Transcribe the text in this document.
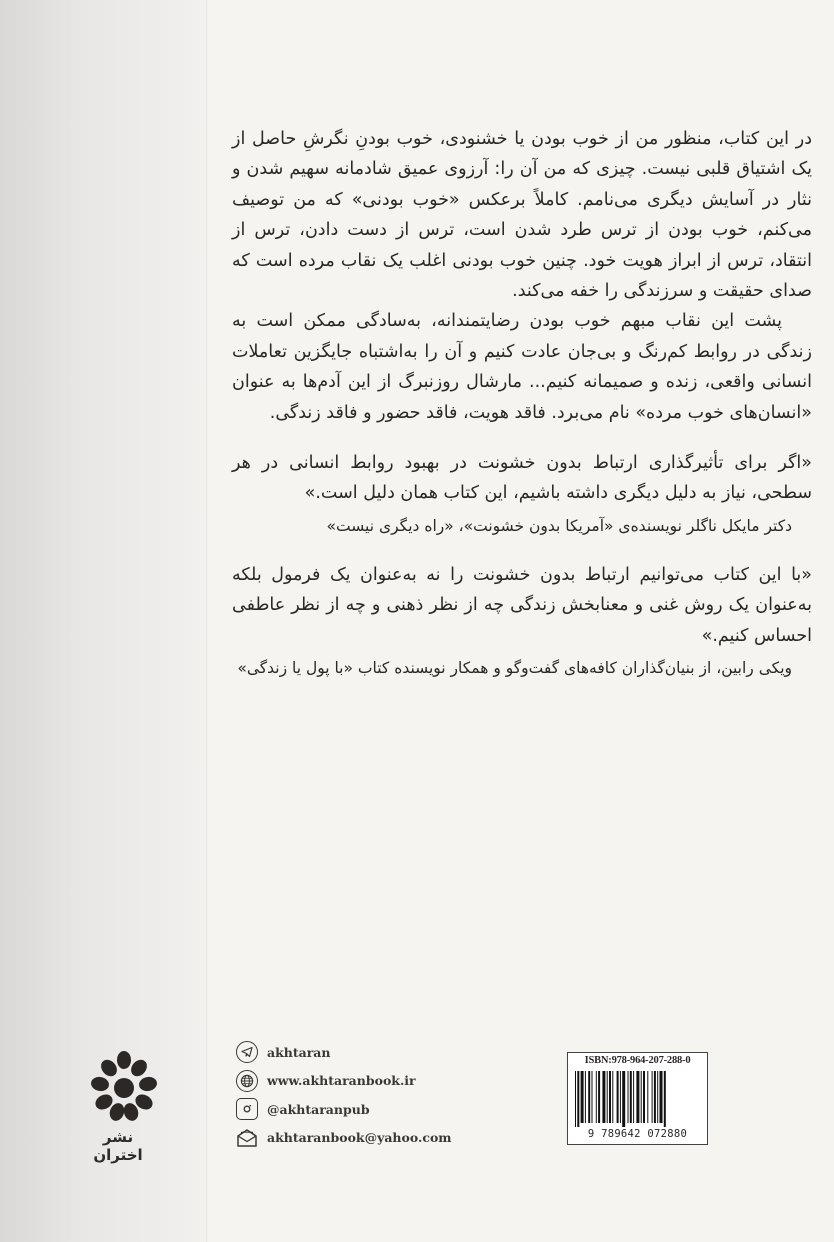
در این کتاب، منظور من از خوب بودن یا خشنودی، خوب بودنِ نگرشِ حاصل از یک اشتیاق قلبی نیست. چیزی که من آن را: آرزوی عمیق شادمانه سهیم شدن و نثار در آسایش دیگری می‌نامم. کاملاً برعکس «خوب بودنی» که من توصیف می‌کنم، خوب بودن از ترس طرد شدن است، ترس از دست دادن، ترس از انتقاد، ترس از ابراز هویت خود. چنین خوب بودنی اغلب یک نقاب مرده است که صدای حقیقت و سرزندگی را خفه می‌کند.

پشت این نقاب مبهم خوب بودن رضایتمندانه، به‌سادگی ممکن است به زندگی در روابط کم‌رنگ و بی‌جان عادت کنیم و آن را به‌اشتباه جایگزین تعاملات انسانی واقعی، زنده و صمیمانه کنیم... مارشال روزنبرگ از این آدم‌ها به عنوان «انسان‌های خوب مرده» نام می‌برد. فاقد هویت، فاقد حضور و فاقد زندگی.

«اگر برای تأثیرگذاری ارتباط بدون خشونت در بهبود روابط انسانی در هر سطحی، نیاز به دلیل دیگری داشته باشیم، این کتاب همان دلیل است.»

دکتر مایکل ناگلر نویسنده‌ی «آمریکا بدون خشونت»، «راه دیگری نیست»

«با این کتاب می‌توانیم ارتباط بدون خشونت را نه به‌عنوان یک فرمول بلکه به‌عنوان یک روش غنی و معنابخش زندگی چه از نظر ذهنی و چه از نظر عاطفی احساس کنیم.»

ویکی رابین، از بنیان‌گذاران کافه‌های گفت‌وگو و همکار نویسنده کتاب «با پول یا زندگی»

akhtaran
www.akhtaranbook.ir
@akhtaranpub
akhtaranbook@yahoo.com
نشر اختران
ISBN:978-964-207-288-0
9 789642 072880
